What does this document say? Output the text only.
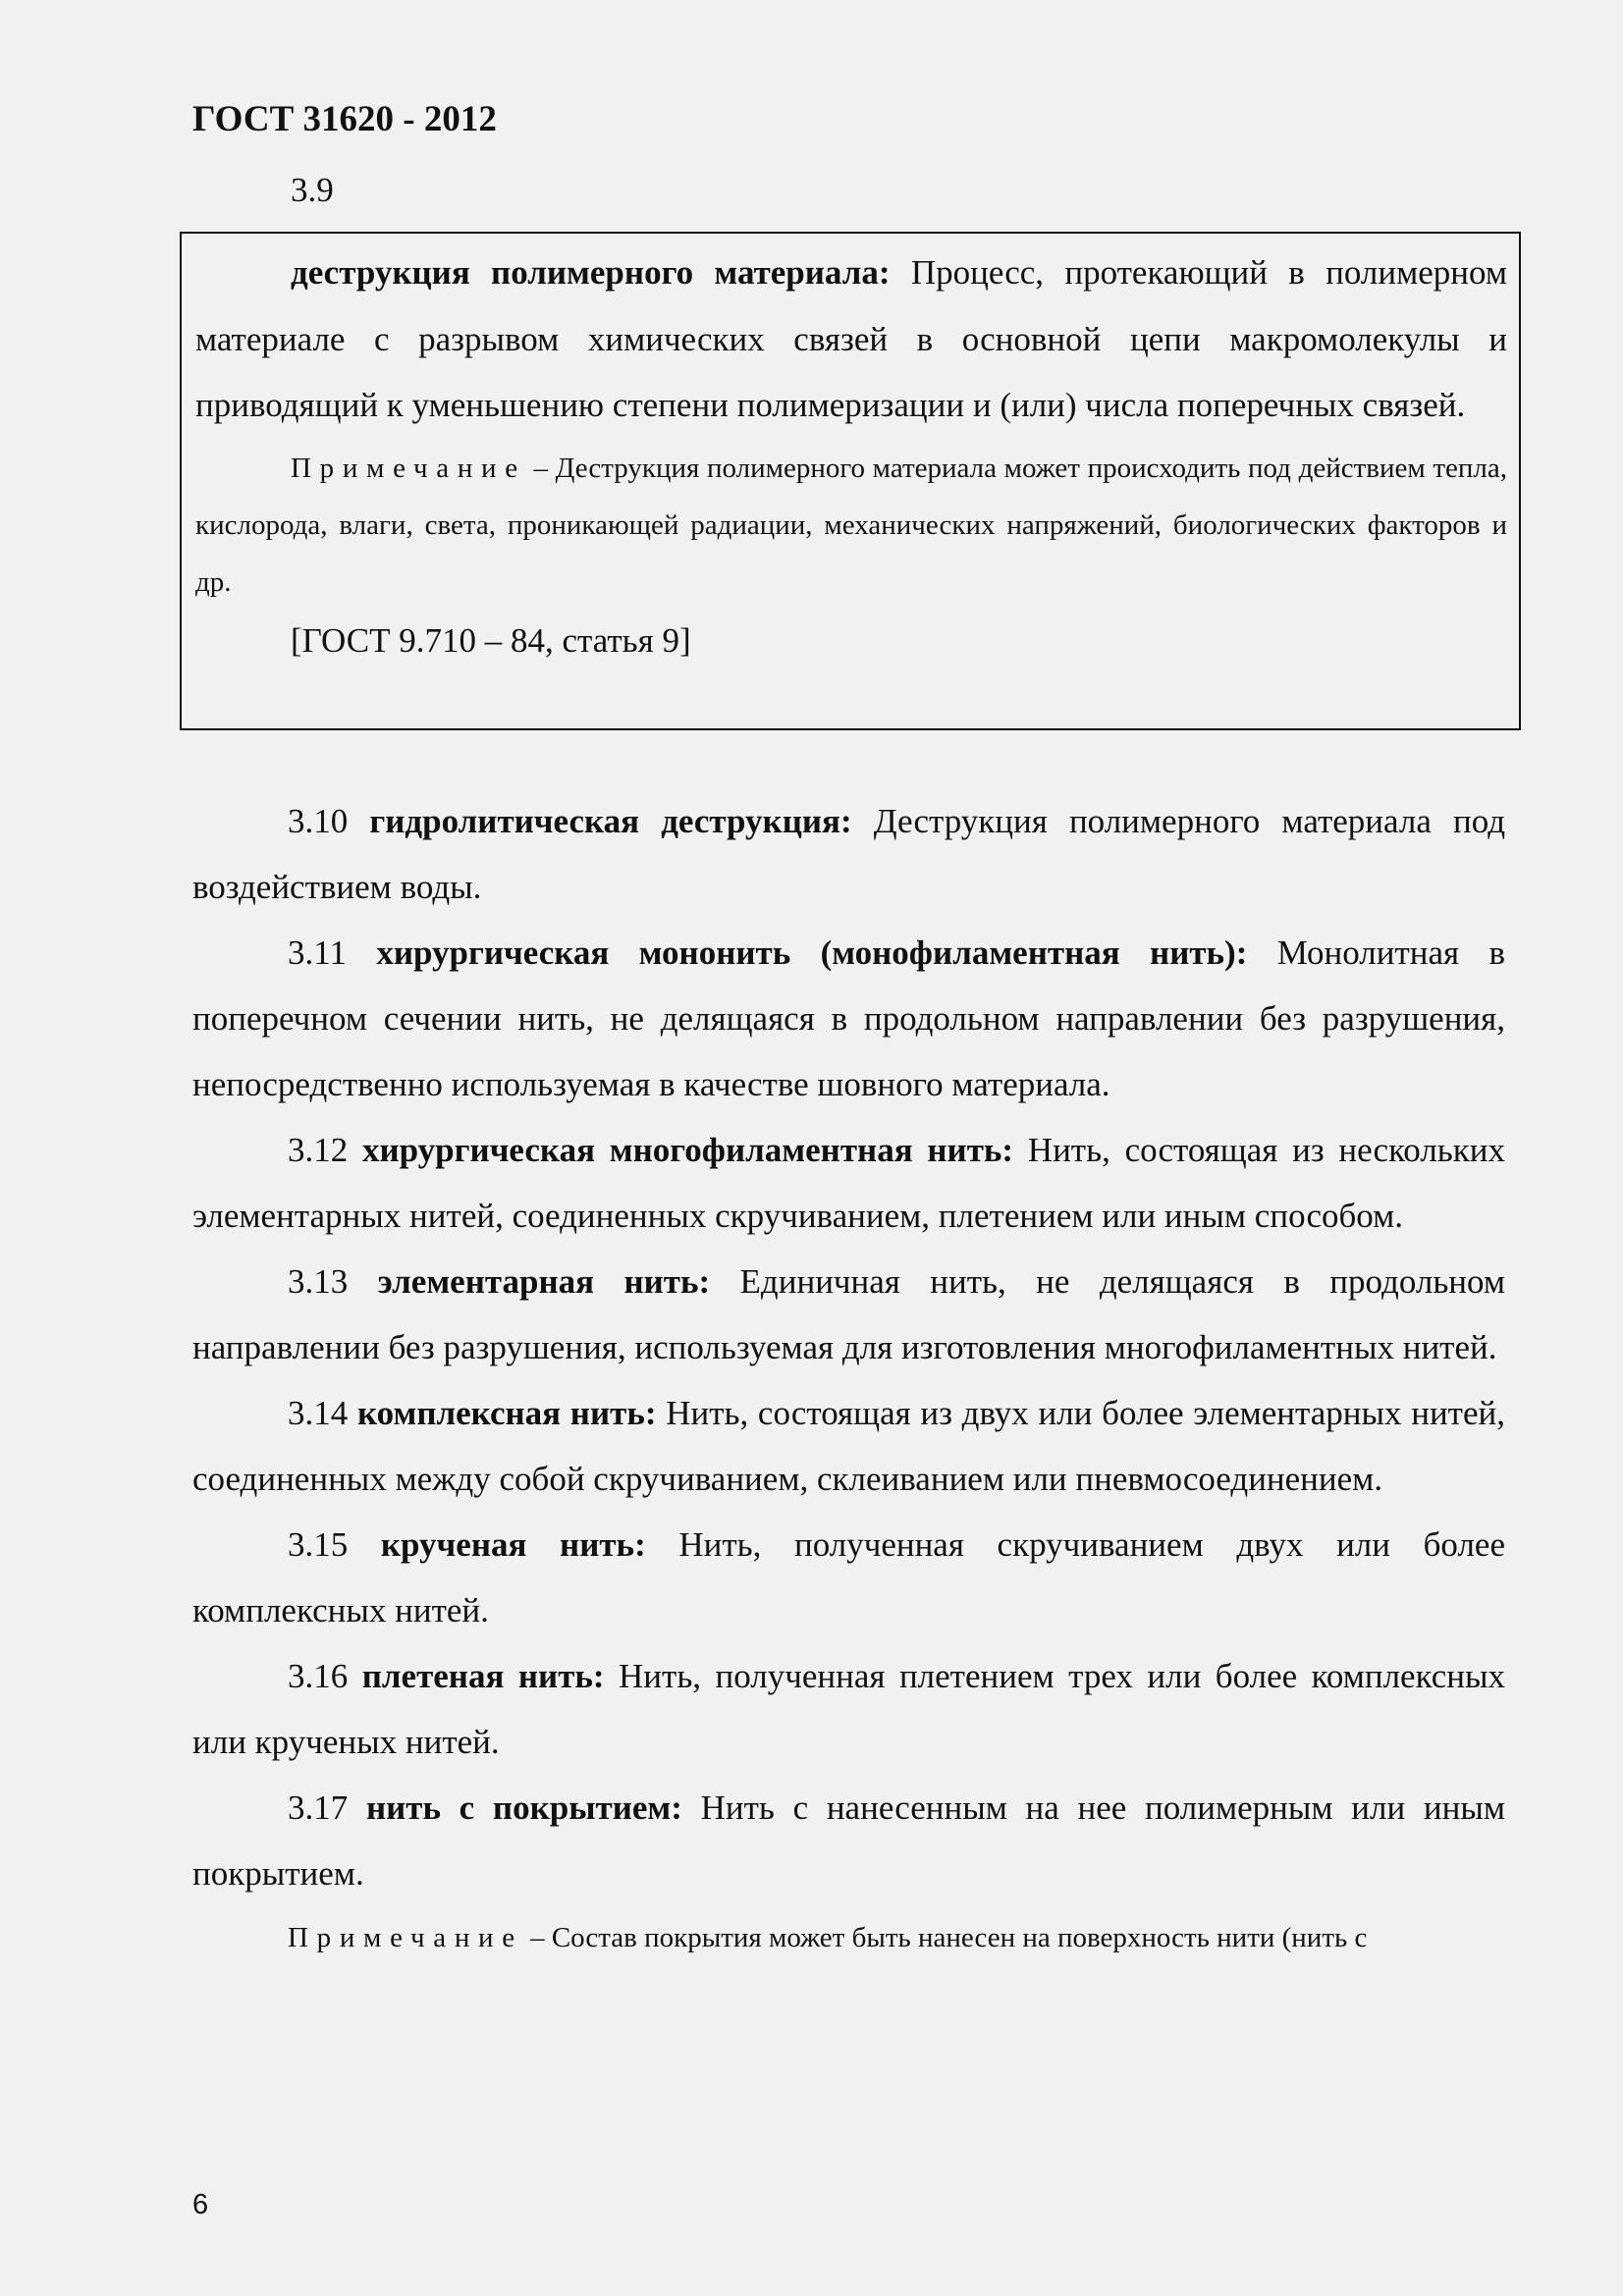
ГОСТ 31620 - 2012
3.9

деструкция полимерного материала: Процесс, протекающий в полимерном материале с разрывом химических связей в основной цепи макромолекулы и приводящий к уменьшению степени полимеризации и (или) числа поперечных связей.

Примечание – Деструкция полимерного материала может происходить под действием тепла, кислорода, влаги, света, проникающей радиации, механических напряжений, биологических факторов и др.

[ГОСТ 9.710 – 84, статья 9]

3.10 гидролитическая деструкция: Деструкция полимерного материала под воздействием воды.

3.11 хирургическая мононить (монофиламентная нить): Монолитная в поперечном сечении нить, не делящаяся в продольном направлении без разрушения, непосредственно используемая в качестве шовного материала.

3.12 хирургическая многофиламентная нить: Нить, состоящая из нескольких элементарных нитей, соединенных скручиванием, плетением или иным способом.

3.13 элементарная нить: Единичная нить, не делящаяся в продольном направлении без разрушения, используемая для изготовления многофиламентных нитей.

3.14 комплексная нить: Нить, состоящая из двух или более элементарных нитей, соединенных между собой скручиванием, склеиванием или пневмосоединением.

3.15 крученая нить: Нить, полученная скручиванием двух или более комплексных нитей.

3.16 плетеная нить: Нить, полученная плетением трех или более комплексных или крученых нитей.

3.17 нить с покрытием: Нить с нанесенным на нее полимерным или иным покрытием.

Примечание – Состав покрытия может быть нанесен на поверхность нити (нить с

6
